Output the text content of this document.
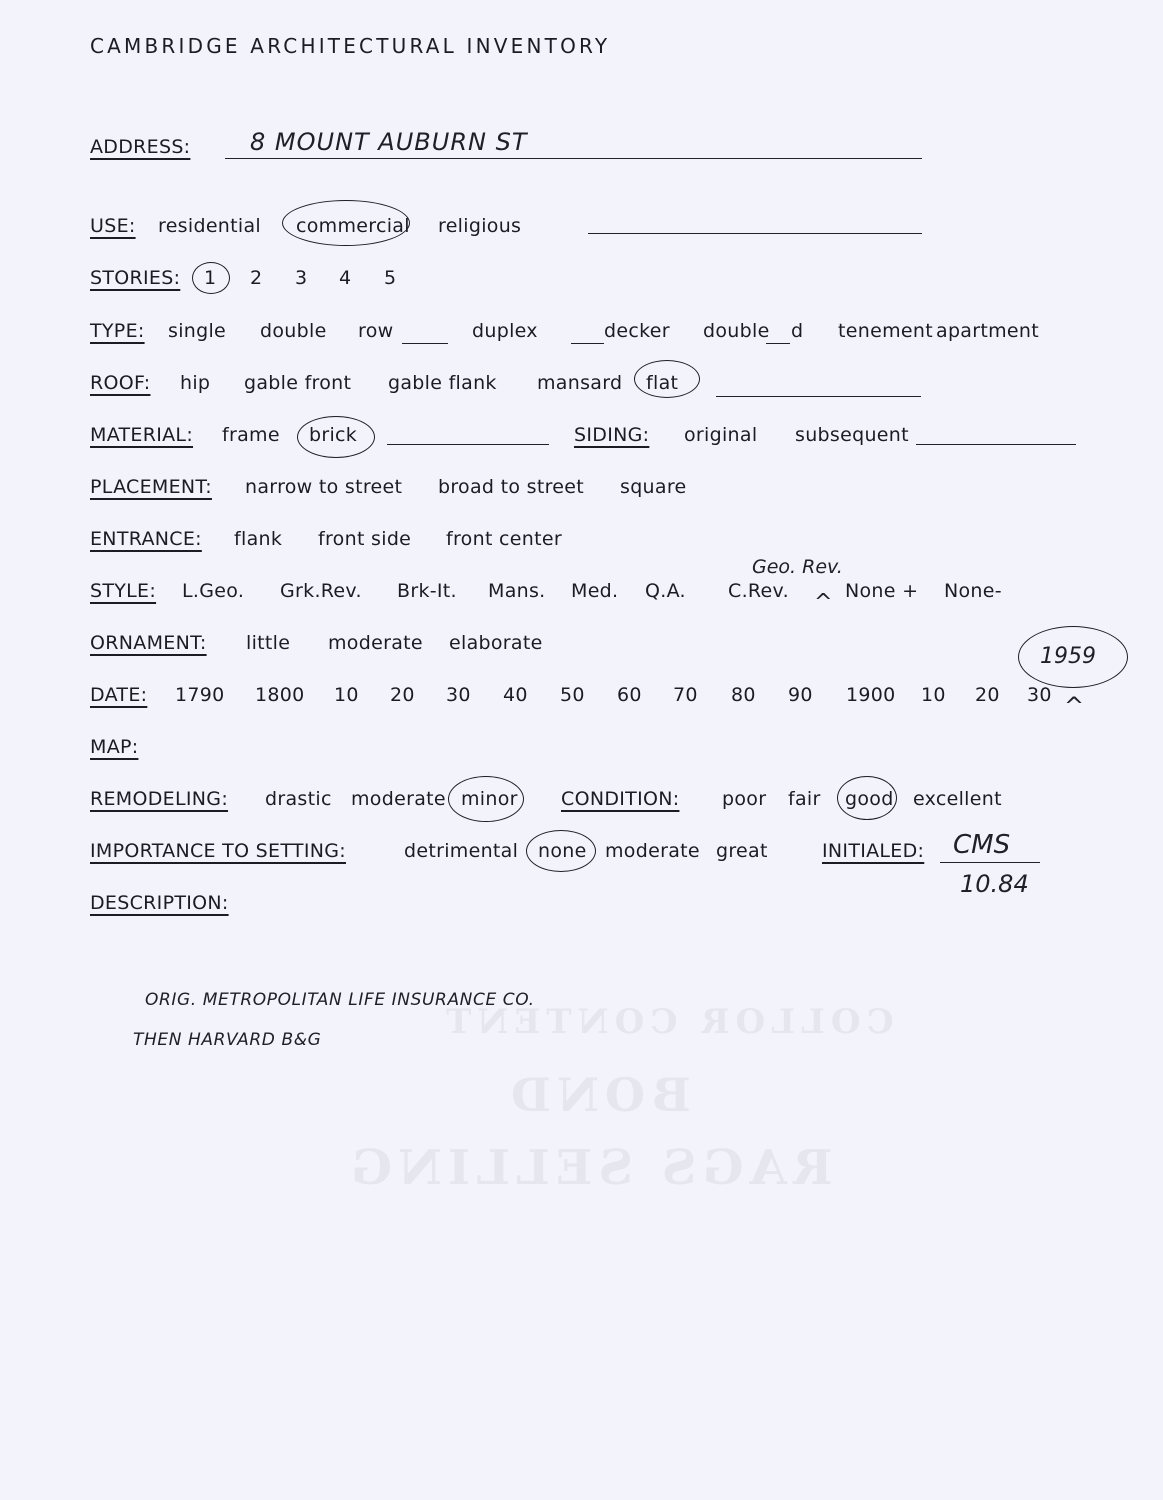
COLLOR CONTENT
BOND
RAGS SELLING
CAMBRIDGE ARCHITECTURAL INVENTORY
ADDRESS: 8 MOUNT AUBURN ST
USE: residential commercial religious
STORIES: 1 2 3 4 5
TYPE: single double row	duplex	decker double d tenement apartment
ROOF: hip gable front gable flank mansard flat
MATERIAL: frame brick	SIDING: original subsequent
PLACEMENT: narrow to street broad to street square
ENTRANCE: flank front side front center
Geo. Rev.
STYLE: L.Geo. Grk.Rev. Brk-It. Mans. Med. Q.A. C.Rev. ^ None + None-
ORNAMENT: little moderate elaborate
1959
DATE: 1790 1800 10 20 30 40 50 60 70 80 90 1900 10 20 30 ^
MAP:
REMODELING: drastic moderate minor CONDITION: poor fair good excellent
IMPORTANCE TO SETTING:	detrimental none moderate great	INITIALED: CMS
10.84
DESCRIPTION:
ORIG. METROPOLITAN LIFE INSURANCE CO.
THEN HARVARD B&G
